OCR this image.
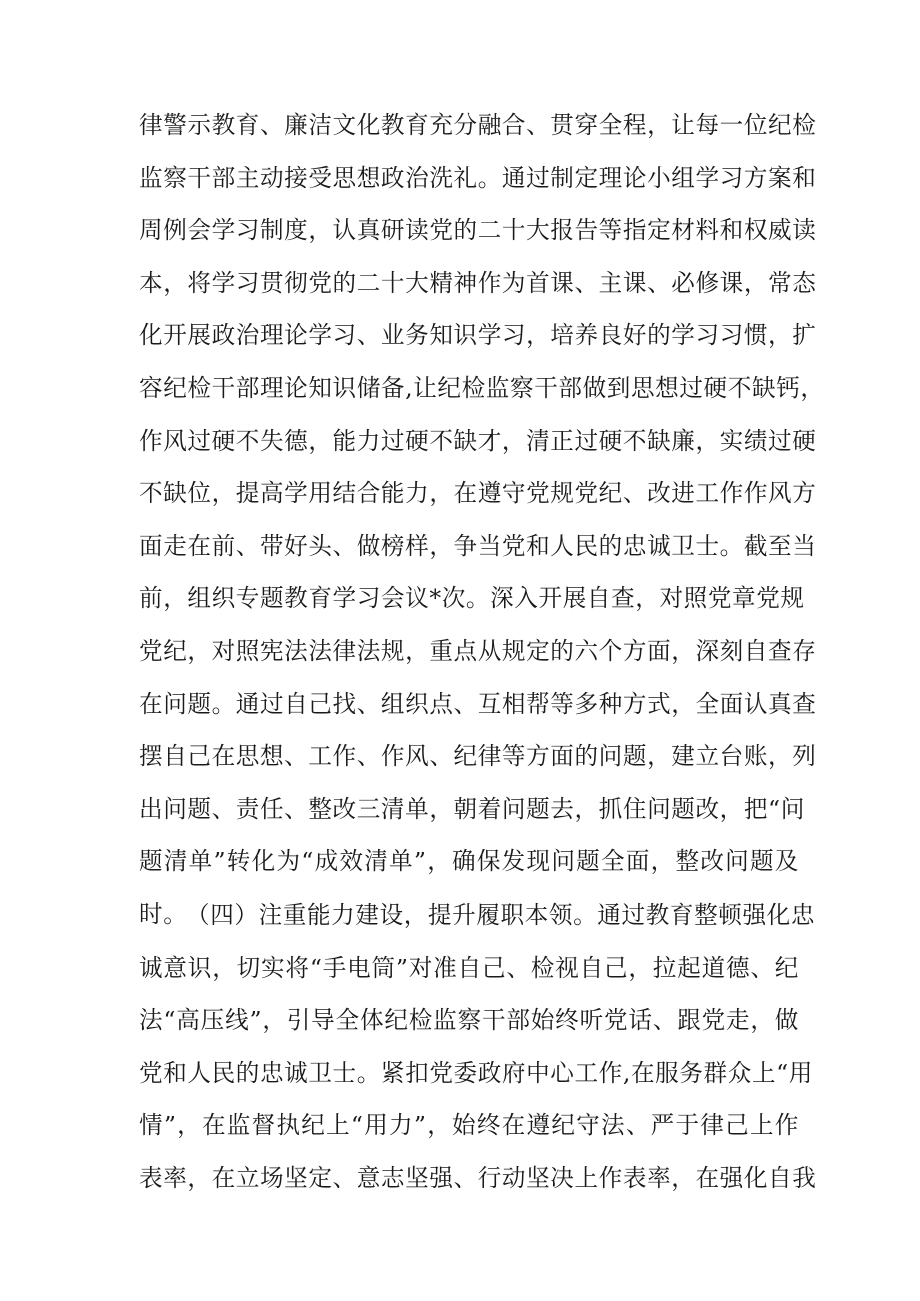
律警示教育、廉洁文化教育充分融合、贯穿全程，让每一位纪检
监察干部主动接受思想政治洗礼。通过制定理论小组学习方案和
周例会学习制度，认真研读党的二十大报告等指定材料和权威读
本，将学习贯彻党的二十大精神作为首课、主课、必修课，常态
化开展政治理论学习、业务知识学习，培养良好的学习习惯，扩
容纪检干部理论知识储备,让纪检监察干部做到思想过硬不缺钙，
作风过硬不失德，能力过硬不缺才，清正过硬不缺廉，实绩过硬
不缺位，提高学用结合能力，在遵守党规党纪、改进工作作风方
面走在前、带好头、做榜样，争当党和人民的忠诚卫士。截至当
前，组织专题教育学习会议*次。深入开展自查，对照党章党规
党纪，对照宪法法律法规，重点从规定的六个方面，深刻自查存
在问题。通过自己找、组织点、互相帮等多种方式，全面认真查
摆自己在思想、工作、作风、纪律等方面的问题，建立台账，列
出问题、责任、整改三清单，朝着问题去，抓住问题改，把“问
题清单”转化为“成效清单”，确保发现问题全面，整改问题及
时。
（四）注重能力建设，提升履职本领。通过教育整顿强化忠
诚意识，切实将“手电筒”对准自己、检视自己，拉起道德、纪
法“高压线”，引导全体纪检监察干部始终听党话、跟党走，做
党和人民的忠诚卫士。紧扣党委政府中心工作,在服务群众上“用
情”，在监督执纪上“用力”，始终在遵纪守法、严于律己上作
表率，在立场坚定、意志坚强、行动坚决上作表率，在强化自我
